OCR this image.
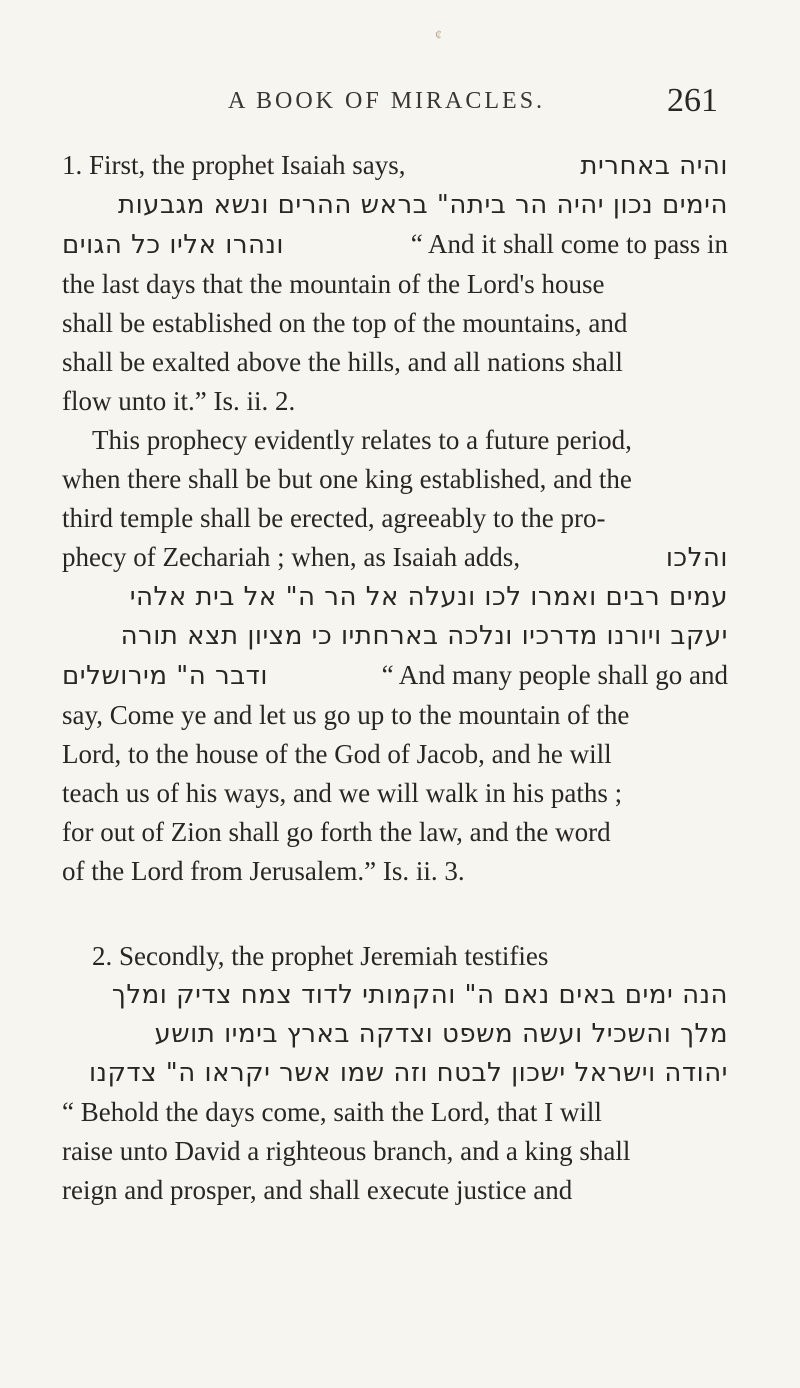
¢
A BOOK OF MIRACLES.	261
1. First, the prophet Isaiah says,	והיה באחרית
הימים נכון יהיה הר ביתה" בראש ההרים ונשא מגבעות
ונהרו אליו כל הגוים	“ And it shall come to pass in
the last days that the mountain of the Lord's house
shall be established on the top of the mountains, and
shall be exalted above the hills, and all nations shall
flow unto it.” Is. ii. 2.
This prophecy evidently relates to a future period,
when there shall be but one king established, and the
third temple shall be erected, agreeably to the pro-
phecy of Zechariah ; when, as Isaiah adds,	והלכו
עמים רבים ואמרו לכו ונעלה אל הר ה" אל בית אלהי
יעקב ויורנו מדרכיו ונלכה בארחתיו כי מציון תצא תורה
ודבר ה" מירושלים	“ And many people shall go and
say, Come ye and let us go up to the mountain of the
Lord, to the house of the God of Jacob, and he will
teach us of his ways, and we will walk in his paths ;
for out of Zion shall go forth the law, and the word
of the Lord from Jerusalem.” Is. ii. 3.
2. Secondly, the prophet Jeremiah testifies
הנה ימים באים נאם ה" והקמותי לדוד צמח צדיק ומלך
מלך והשכיל ועשה משפט וצדקה בארץ בימיו תושע
יהודה וישראל ישכון לבטח וזה שמו אשר יקראו ה" צדקנו
“ Behold the days come, saith the Lord, that I will
raise unto David a righteous branch, and a king shall
reign and prosper, and shall execute justice and
